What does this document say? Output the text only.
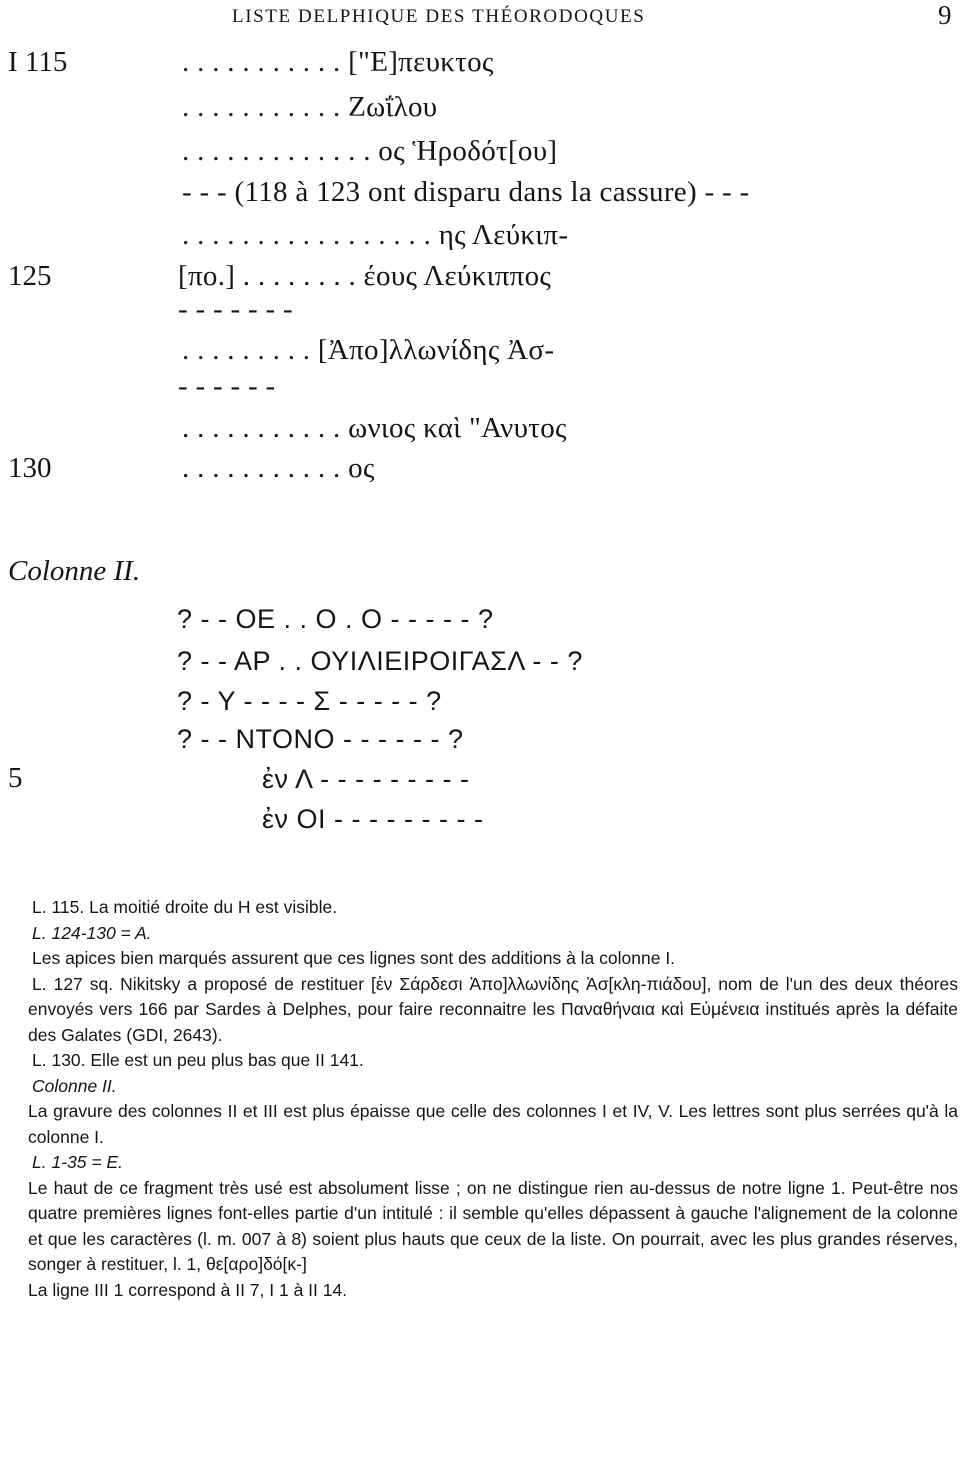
LISTE DELPHIQUE DES THÉORODOQUES	9
I 115	. . . . . . . . . . . ["Ε]πευκτος
. . . . . . . . . . . Ζωΐλου
. . . . . . . . . . . . . ος Ἡροδότ[ου]
- - - (118 à 123 ont disparu dans la cassure) - - -
. . . . . . . . . . . . . . . . . ης Λεύκιπ-
125	[πο.] . . . . . . . . έους Λεύκιππος
- - - - - - -
. . . . . . . . . [Ἀπο]λλωνίδης Ἀσ-
- - - - - -
. . . . . . . . . . . ωνιος καὶ "Ανυτος
130	. . . . . . . . . . . ος
Colonne II.
? - - ΟΕ . . Ο . Ο - - - - - ?
? - - ΑΡ . . ΟΥΙΛΙΕΙΡΟΙΓΑΣΛ - - ?
? - Υ - - - - Σ - - - - - ?
? - - ΝΤΟΝΟ - - - - - - ?
5	ἐν Λ - - - - - - - - -
ἐν ΟΙ - - - - - - - - -

L. 115. La moitié droite du Η est visible.

L. 124-130 = A.

Les apices bien marqués assurent que ces lignes sont des additions à la colonne I.

L. 127 sq. Nikitsky a proposé de restituer [ἐν Σάρδεσι Ἀπο]λλωνίδης Ἀσ[κλη-πιάδου], nom de l'un des deux théores envoyés vers 166 par Sardes à Delphes, pour faire reconnaitre les Παναθήναια καὶ Εὐμένεια institués après la défaite des Galates (GDI, 2643).

L. 130. Elle est un peu plus bas que II 141.

Colonne II.

La gravure des colonnes II et III est plus épaisse que celle des colonnes I et IV, V. Les lettres sont plus serrées qu'à la colonne I.

L. 1-35 = E.

Le haut de ce fragment très usé est absolument lisse ; on ne distingue rien au-dessus de notre ligne 1. Peut-être nos quatre premières lignes font-elles partie d'un intitulé : il semble qu'elles dépassent à gauche l'alignement de la colonne et que les caractères (l. m. 007 à 8) soient plus hauts que ceux de la liste. On pourrait, avec les plus grandes réserves, songer à restituer, l. 1, θε[αρο]δό[κ-]

La ligne III 1 correspond à II 7, I 1 à II 14.
